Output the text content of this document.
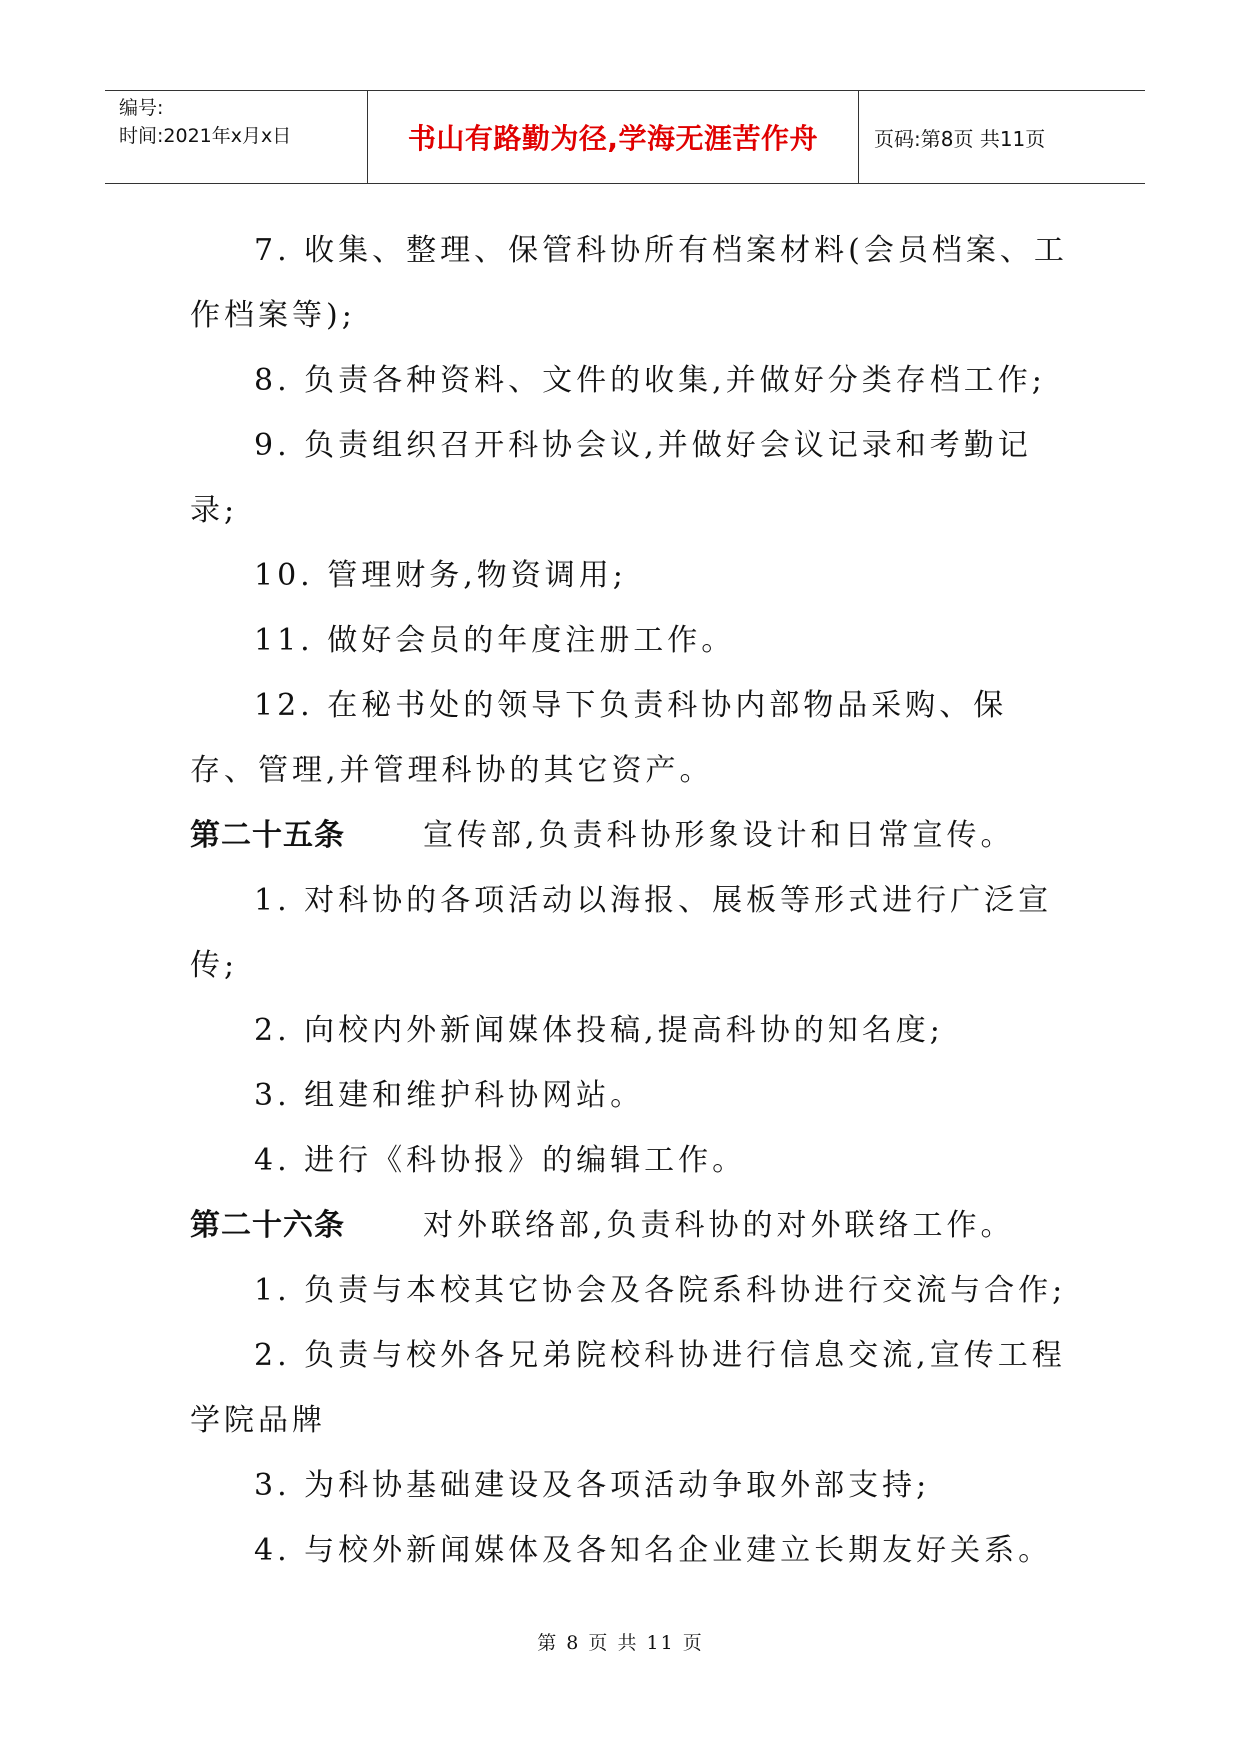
编号:
时间:2021年x月x日	书山有路勤为径,学海无涯苦作舟	页码:第8页 共11页

7. 收集、整理、保管科协所有档案材料(会员档案、工作档案等);

8. 负责各种资料、文件的收集,并做好分类存档工作;

9. 负责组织召开科协会议,并做好会议记录和考勤记录;

10. 管理财务,物资调用;

11. 做好会员的年度注册工作。

12. 在秘书处的领导下负责科协内部物品采购、保存、管理,并管理科协的其它资产。

第二十五条	宣传部,负责科协形象设计和日常宣传。

1. 对科协的各项活动以海报、展板等形式进行广泛宣传;

2. 向校内外新闻媒体投稿,提高科协的知名度;

3. 组建和维护科协网站。

4. 进行《科协报》的编辑工作。

第二十六条	对外联络部,负责科协的对外联络工作。

1. 负责与本校其它协会及各院系科协进行交流与合作;

2. 负责与校外各兄弟院校科协进行信息交流,宣传工程学院品牌

3. 为科协基础建设及各项活动争取外部支持;

4. 与校外新闻媒体及各知名企业建立长期友好关系。

第 8 页 共 11 页
